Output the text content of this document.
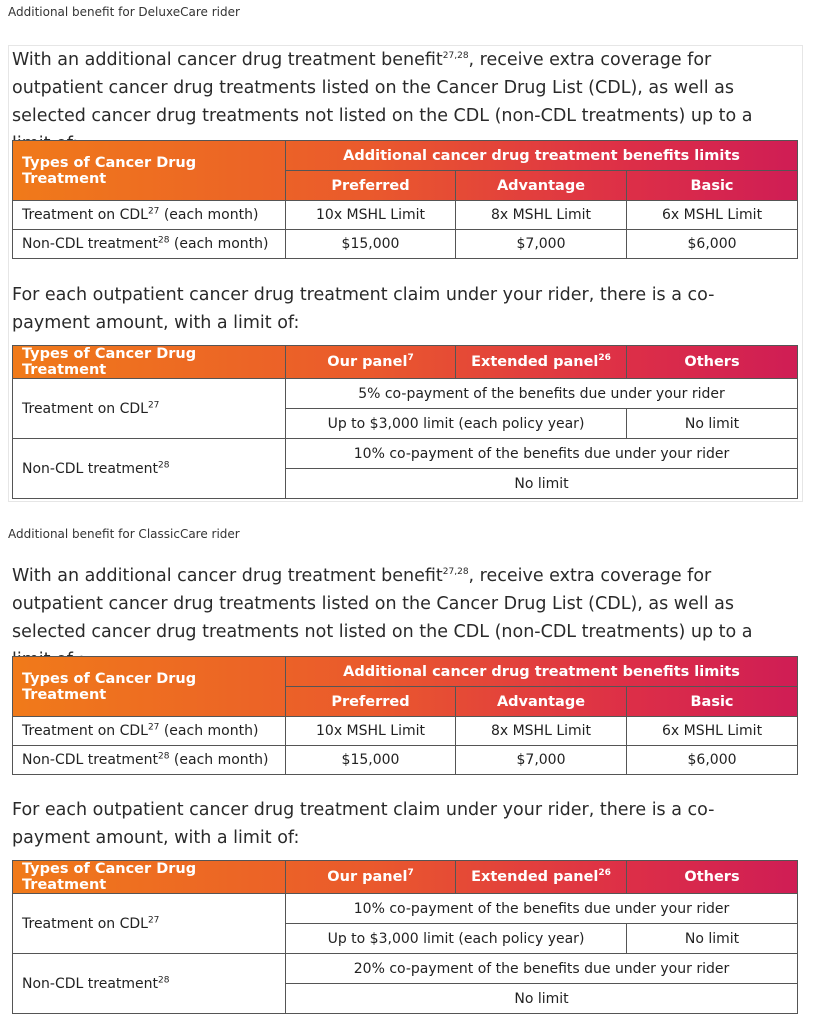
Additional benefit for DeluxeCare rider

With an additional cancer drug treatment benefit$^{27,28}$, receive extra coverage for outpatient cancer drug treatments listed on the Cancer Drug List (CDL), as well as selected cancer drug treatments not listed on the CDL (non-CDL treatments) up to a limit of:

Types of Cancer Drug Treatment	Additional cancer drug treatment benefits limits		
	Preferred	Advantage	Basic
Treatment on CDL$^{27}$ (each month)	10x MSHL Limit	8x MSHL Limit	6x MSHL Limit
Non-CDL treatment$^{28}$ (each month)	$15,000	$7,000	$6,000

For each outpatient cancer drug treatment claim under your rider, there is a co-payment amount, with a limit of:

Types of Cancer Drug Treatment	Our panel$^7$	Extended panel$^{26}$	Others
Treatment on CDL$^{27}$	5% co-payment of the benefits due under your rider		
	Up to $3,000 limit (each policy year)		No limit
Non-CDL treatment$^{28}$	10% co-payment of the benefits due under your rider		
	No limit		
Additional benefit for ClassicCare rider

With an additional cancer drug treatment benefit$^{27,28}$, receive extra coverage for outpatient cancer drug treatments listed on the Cancer Drug List (CDL), as well as selected cancer drug treatments not listed on the CDL (non-CDL treatments) up to a limit of :

Types of Cancer Drug Treatment	Additional cancer drug treatment benefits limits		
	Preferred	Advantage	Basic
Treatment on CDL$^{27}$ (each month)	10x MSHL Limit	8x MSHL Limit	6x MSHL Limit
Non-CDL treatment$^{28}$ (each month)	$15,000	$7,000	$6,000

For each outpatient cancer drug treatment claim under your rider, there is a co-payment amount, with a limit of:

Types of Cancer Drug Treatment	Our panel$^7$	Extended panel$^{26}$	Others
Treatment on CDL$^{27}$	10% co-payment of the benefits due under your rider		
	Up to $3,000 limit (each policy year)		No limit
Non-CDL treatment$^{28}$	20% co-payment of the benefits due under your rider		
	No limit		
